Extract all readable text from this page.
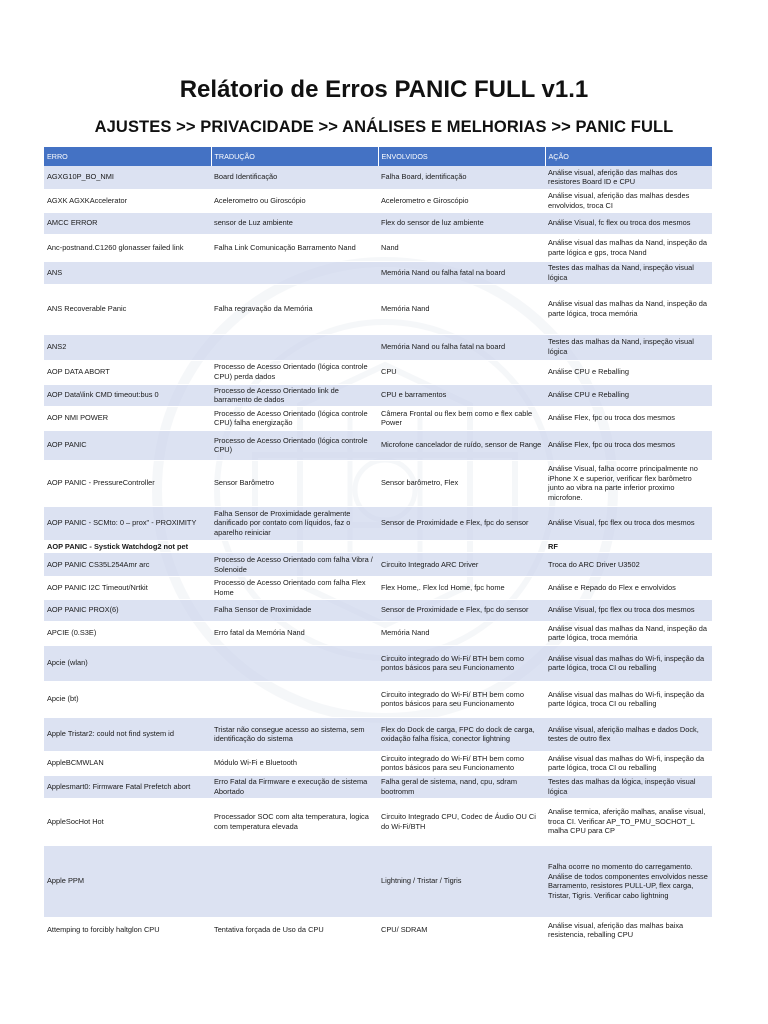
Relátorio de Erros PANIC FULL v1.1
AJUSTES >> PRIVACIDADE >> ANÁLISES E MELHORIAS >> PANIC FULL
ERRO	TRADUÇÃO	ENVOLVIDOS	AÇÃO
AGXG10P_BO_NMI	Board Identificação	Falha Board, identificação	Análise visual, aferição das malhas dos resistores Board ID e CPU
AGXK AGXKAccelerator	Acelerometro ou Giroscópio	Acelerometro e Giroscópio	Análise visual, aferição das malhas desdes envolvidos, troca CI
AMCC ERROR	sensor de Luz ambiente	Flex do sensor de luz ambiente	Análise Visual, fc flex ou troca dos mesmos
Anc-postnand.C1260 glonasser failed link	Falha Link Comunicação Barramento Nand	Nand	Análise visual das malhas da Nand, inspeção da parte lógica e gps, troca Nand
ANS		Memória Nand ou falha fatal na board	Testes das malhas da Nand, inspeção visual lógica
ANS Recoverable Panic	Falha regravação da Memória	Memória Nand	Análise visual das malhas da Nand, inspeção da parte lógica, troca memória
ANS2		Memória Nand ou falha fatal na board	Testes das malhas da Nand, inspeção visual lógica
AOP DATA ABORT	Processo de Acesso Orientado (lógica controle CPU) perda dados	CPU	Análise CPU e Reballing
AOP Data\link CMD timeout:bus 0	Processo de Acesso Orientado link de barramento de dados	CPU e barramentos	Análise CPU e Reballing
AOP NMI POWER	Processo de Acesso Orientado (lógica controle CPU) falha energização	Câmera Frontal ou flex bem como e flex cable Power	Análise Flex, fpc ou troca dos mesmos
AOP PANIC	Processo de Acesso Orientado (lógica controle CPU)	Microfone cancelador de ruído, sensor de Range	Análise Flex, fpc ou troca dos mesmos
AOP PANIC - PressureController	Sensor Barômetro	Sensor barômetro, Flex	Análise Visual, falha ocorre principalmente no iPhone X e superior, verificar flex barômetro junto ao vibra na parte inferior proximo microfone.
AOP PANIC - SCMto: 0 – prox" - PROXIMITY	Falha Sensor de Proximidade geralmente danificado por contato com líquidos, faz o aparelho reiniciar	Sensor de Proximidade e Flex, fpc do sensor	Análise Visual, fpc flex ou troca dos mesmos
AOP PANIC - Systick Watchdog2 not pet			RF
AOP PANIC CS35L254Amr arc	Processo de Acesso Orientado com falha Vibra / Solenoide	Circuito Integrado ARC Driver	Troca do ARC Driver U3502
AOP PANIC I2C Timeout/Nrtkit	Processo de Acesso Orientado com falha Flex Home	Flex Home,. Flex lcd Home, fpc home	Análise e Repado do Flex e envolvidos
AOP PANIC PROX(6)	Falha Sensor de Proximidade	Sensor de Proximidade e Flex, fpc do sensor	Análise Visual, fpc flex ou troca dos mesmos
APCIE (0.S3E)	Erro fatal da Memória Nand	Memória Nand	Análise visual das malhas da Nand, inspeção da parte lógica, troca memória
Apcie (wlan)		Circuito integrado do Wi-Fi/ BTH bem como pontos básicos para seu Funcionamento	Análise visual das malhas do Wi-fi, inspeção da parte lógica, troca CI ou reballing
Apcie (bt)		Circuito integrado do Wi-Fi/ BTH bem como pontos básicos para seu Funcionamento	Análise visual das malhas do Wi-fi, inspeção da parte lógica, troca CI ou reballing
Apple Tristar2: could not find system id	Tristar não consegue acesso ao sistema, sem identificação do sistema	Flex do Dock de carga, FPC do dock de carga, oxidação falha física, conector lightning	Análise visual, aferição malhas e dados Dock, testes de outro flex
AppleBCMWLAN	Módulo Wi-Fi e Bluetooth	Circuito integrado do Wi-Fi/ BTH bem como pontos básicos para seu Funcionamento	Análise visual das malhas do Wi-fi, inspeção da parte lógica, troca CI ou reballing
Applesmart0: Firmware Fatal Prefetch abort	Erro Fatal da Firmware e execução de sistema Abortado	Falha geral de sistema, nand, cpu, sdram bootromm	Testes das malhas da lógica, inspeção visual lógica
AppleSocHot Hot	Processador SOC com alta temperatura, logica com temperatura elevada	Circuito Integrado CPU, Codec de Áudio OU Ci do Wi-Fi/BTH	Analise termica, aferição malhas, analise visual, troca CI. Verificar AP_TO_PMU_SOCHOT_L malha CPU para CP
Apple PPM		Lightning / Tristar / Tigris	Falha ocorre no momento do carregamento. Análise de todos componentes envolvidos nesse Barramento, resistores PULL-UP, flex carga, Tristar, Tigris. Verificar cabo lightning
Attemping to forcibly haltglon CPU	Tentativa forçada de Uso da CPU	CPU/ SDRAM	Análise visual, aferição das malhas baixa resistencia, reballing CPU
